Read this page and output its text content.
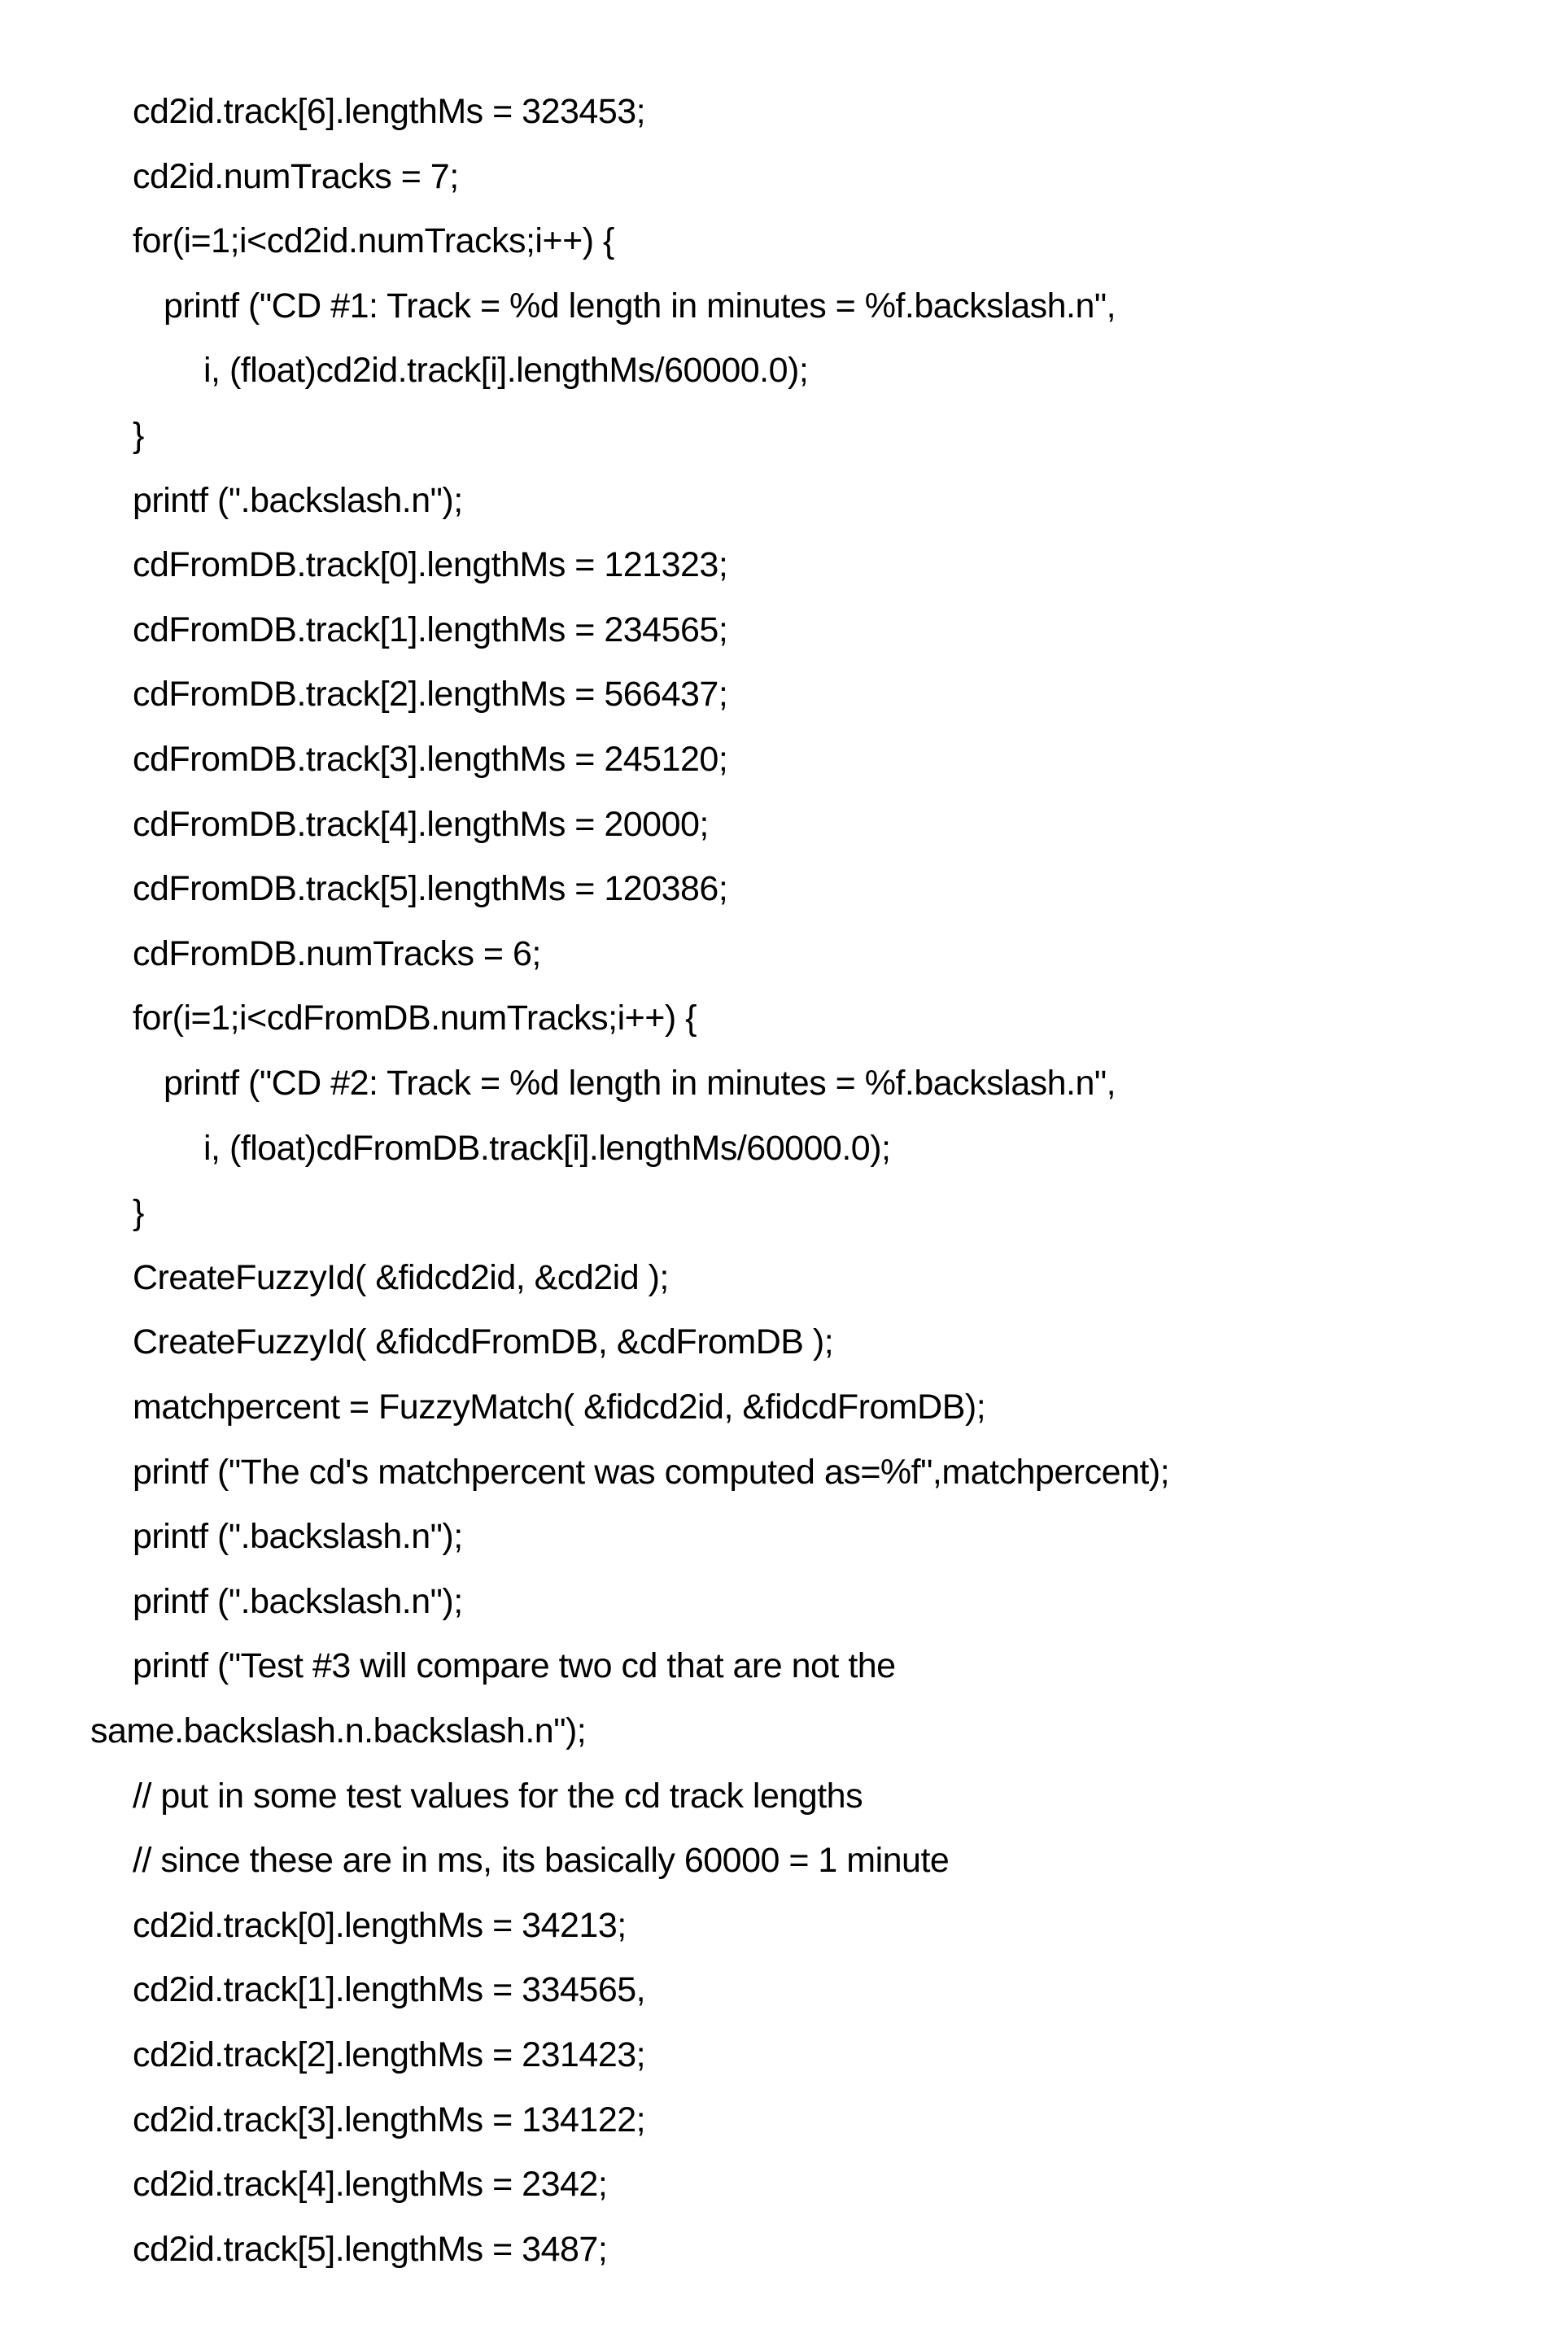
cd2id.track[6].lengthMs = 323453;
cd2id.numTracks = 7;
for(i=1;i<cd2id.numTracks;i++) {
printf ("CD #1: Track = %d length in minutes = %f.backslash.n",
i, (float)cd2id.track[i].lengthMs/60000.0);
}
printf (".backslash.n");
cdFromDB.track[0].lengthMs = 121323;
cdFromDB.track[1].lengthMs = 234565;
cdFromDB.track[2].lengthMs = 566437;
cdFromDB.track[3].lengthMs = 245120;
cdFromDB.track[4].lengthMs = 20000;
cdFromDB.track[5].lengthMs = 120386;
cdFromDB.numTracks = 6;
for(i=1;i<cdFromDB.numTracks;i++) {
printf ("CD #2: Track = %d length in minutes = %f.backslash.n",
i, (float)cdFromDB.track[i].lengthMs/60000.0);
}
CreateFuzzyId( &fidcd2id, &cd2id );
CreateFuzzyId( &fidcdFromDB, &cdFromDB );
matchpercent = FuzzyMatch( &fidcd2id, &fidcdFromDB);
printf ("The cd's matchpercent was computed as=%f",matchpercent);
printf (".backslash.n");
printf (".backslash.n");
printf ("Test #3 will compare two cd that are not the
same.backslash.n.backslash.n");
// put in some test values for the cd track lengths
// since these are in ms, its basically 60000 = 1 minute
cd2id.track[0].lengthMs = 34213;
cd2id.track[1].lengthMs = 334565,
cd2id.track[2].lengthMs = 231423;
cd2id.track[3].lengthMs = 134122;
cd2id.track[4].lengthMs = 2342;
cd2id.track[5].lengthMs = 3487;
